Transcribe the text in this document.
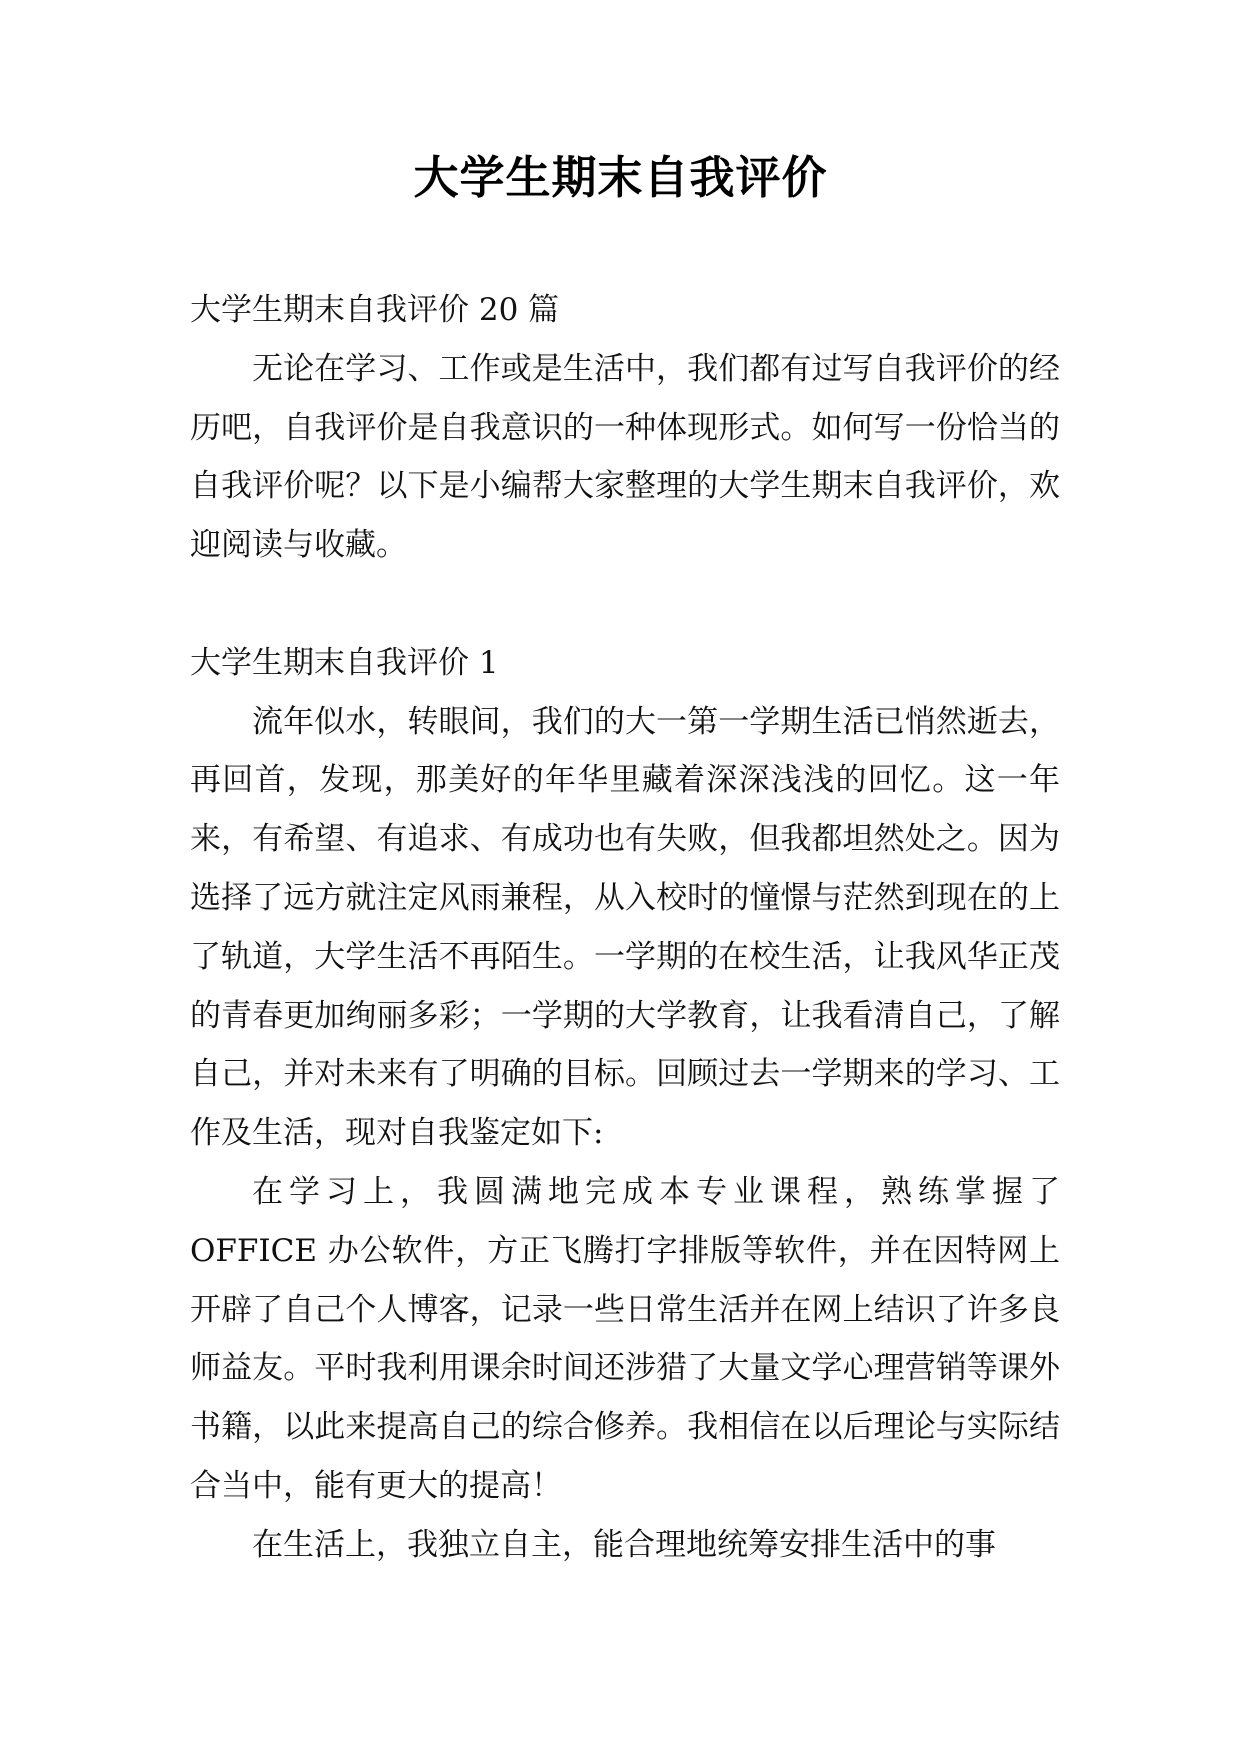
大学生期末自我评价

大学生期末自我评价 20 篇

无论在学习、工作或是生活中，我们都有过写自我评价的经历吧，自我评价是自我意识的一种体现形式。如何写一份恰当的自我评价呢？以下是小编帮大家整理的大学生期末自我评价，欢迎阅读与收藏。

大学生期末自我评价 1

流年似水，转眼间，我们的大一第一学期生活已悄然逝去，再回首，发现，那美好的年华里藏着深深浅浅的回忆。这一年来，有希望、有追求、有成功也有失败，但我都坦然处之。因为选择了远方就注定风雨兼程，从入校时的憧憬与茫然到现在的上了轨道，大学生活不再陌生。一学期的在校生活，让我风华正茂的青春更加绚丽多彩；一学期的大学教育，让我看清自己，了解自己，并对未来有了明确的目标。回顾过去一学期来的学习、工作及生活，现对自我鉴定如下:

在学习上，我圆满地完成本专业课程，熟练掌握了OFFICE 办公软件，方正飞腾打字排版等软件，并在因特网上开辟了自己个人博客，记录一些日常生活并在网上结识了许多良师益友。平时我利用课余时间还涉猎了大量文学心理营销等课外书籍，以此来提高自己的综合修养。我相信在以后理论与实际结合当中，能有更大的提高！

在生活上，我独立自主，能合理地统筹安排生活中的事
